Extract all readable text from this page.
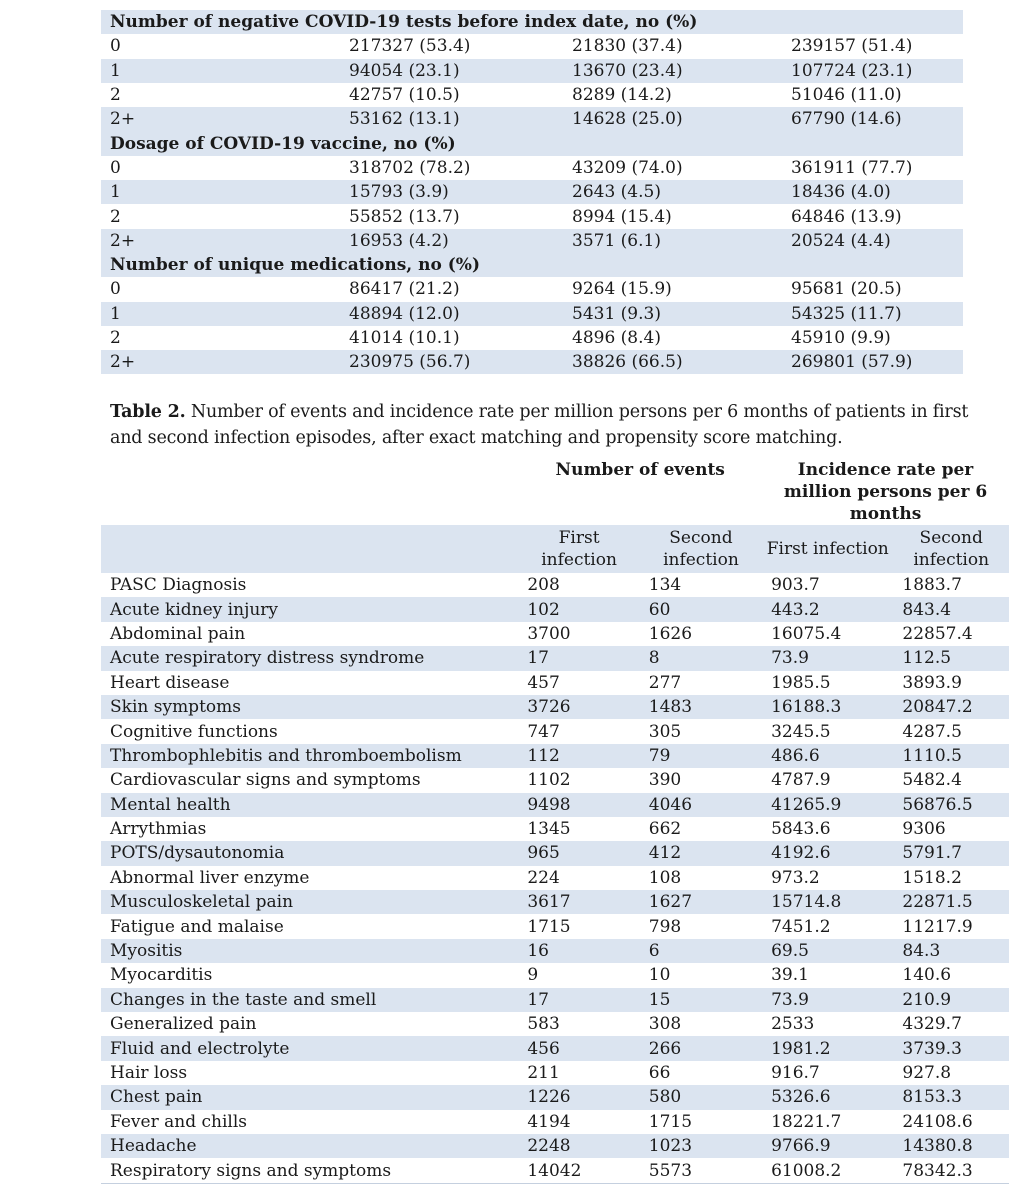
Number of negative COVID-19 tests before index date, no (%)			
0	217327 (53.4)	21830 (37.4)	239157 (51.4)
1	94054 (23.1)	13670 (23.4)	107724 (23.1)
2	42757 (10.5)	8289 (14.2)	51046 (11.0)
2+	53162 (13.1)	14628 (25.0)	67790 (14.6)
Dosage of COVID-19 vaccine, no (%)			
0	318702 (78.2)	43209 (74.0)	361911 (77.7)
1	15793 (3.9)	2643 (4.5)	18436 (4.0)
2	55852 (13.7)	8994 (15.4)	64846 (13.9)
2+	16953 (4.2)	3571 (6.1)	20524 (4.4)
Number of unique medications, no (%)			
0	86417 (21.2)	9264 (15.9)	95681 (20.5)
1	48894 (12.0)	5431 (9.3)	54325 (11.7)
2	41014 (10.1)	4896 (8.4)	45910 (9.9)
2+	230975 (56.7)	38826 (66.5)	269801 (57.9)
Table 2. Number of events and incidence rate per million persons per 6 months of patients in first and second infection episodes, after exact matching and propensity score matching.
	Number of events		Incidence rate per million persons per 6 months	
	First infection	Second infection	First infection	Second infection
PASC Diagnosis	208	134	903.7	1883.7
Acute kidney injury	102	60	443.2	843.4
Abdominal pain	3700	1626	16075.4	22857.4
Acute respiratory distress syndrome	17	8	73.9	112.5
Heart disease	457	277	1985.5	3893.9
Skin symptoms	3726	1483	16188.3	20847.2
Cognitive functions	747	305	3245.5	4287.5
Thrombophlebitis and thromboembolism	112	79	486.6	1110.5
Cardiovascular signs and symptoms	1102	390	4787.9	5482.4
Mental health	9498	4046	41265.9	56876.5
Arrythmias	1345	662	5843.6	9306
POTS/dysautonomia	965	412	4192.6	5791.7
Abnormal liver enzyme	224	108	973.2	1518.2
Musculoskeletal pain	3617	1627	15714.8	22871.5
Fatigue and malaise	1715	798	7451.2	11217.9
Myositis	16	6	69.5	84.3
Myocarditis	9	10	39.1	140.6
Changes in the taste and smell	17	15	73.9	210.9
Generalized pain	583	308	2533	4329.7
Fluid and electrolyte	456	266	1981.2	3739.3
Hair loss	211	66	916.7	927.8
Chest pain	1226	580	5326.6	8153.3
Fever and chills	4194	1715	18221.7	24108.6
Headache	2248	1023	9766.9	14380.8
Respiratory signs and symptoms	14042	5573	61008.2	78342.3
